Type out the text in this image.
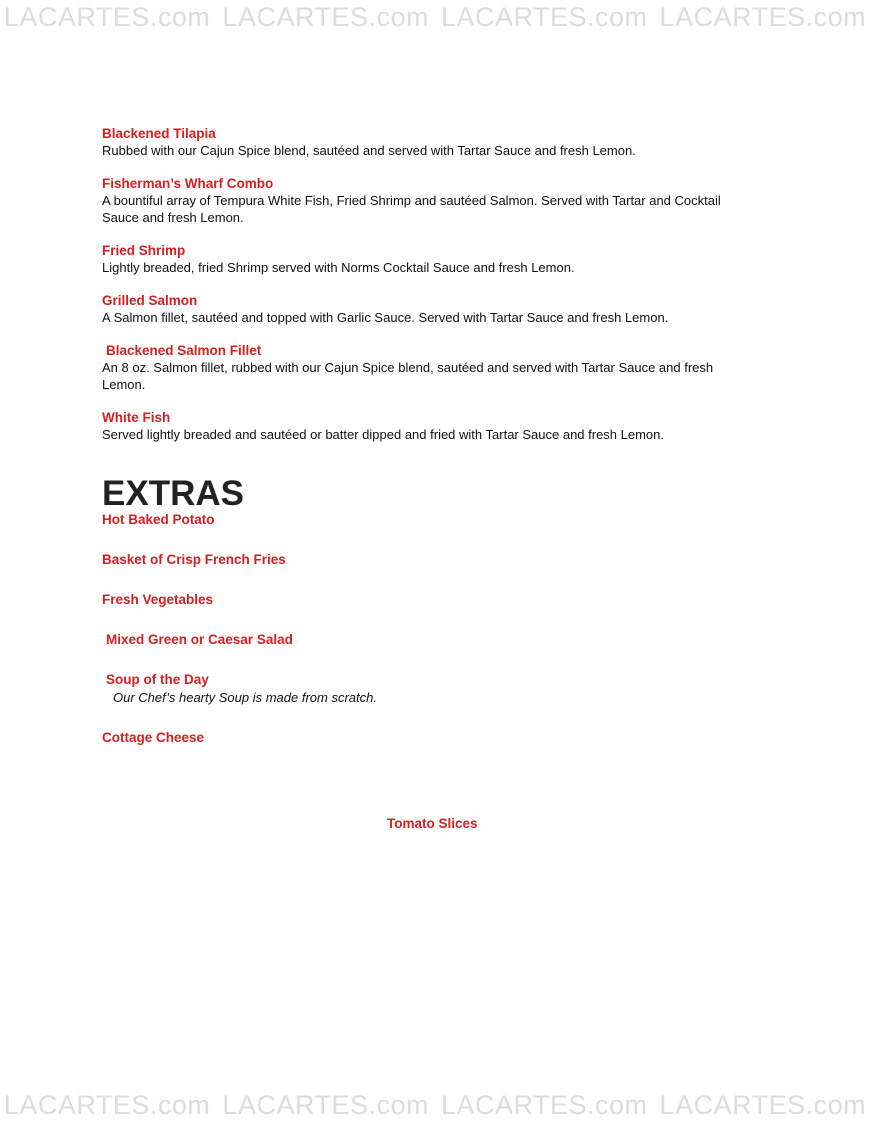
LACARTES.com LACARTES.com LACARTES.com LACARTES.com
Blackened Tilapia
Rubbed with our Cajun Spice blend, sautéed and served with Tartar Sauce and fresh Lemon.
Fisherman’s Wharf Combo
A bountiful array of Tempura White Fish, Fried Shrimp and sautéed Salmon. Served with Tartar and Cocktail Sauce and fresh Lemon.
Fried Shrimp
Lightly breaded, fried Shrimp served with Norms Cocktail Sauce and fresh Lemon.
Grilled Salmon
A Salmon fillet, sautéed and topped with Garlic Sauce. Served with Tartar Sauce and fresh Lemon.
Blackened Salmon Fillet
An 8 oz. Salmon fillet, rubbed with our Cajun Spice blend, sautéed and served with Tartar Sauce and fresh Lemon.
White Fish
Served lightly breaded and sautéed or batter dipped and fried with Tartar Sauce and fresh Lemon.
EXTRAS
Hot Baked Potato
Basket of Crisp French Fries
Fresh Vegetables
Mixed Green or Caesar Salad
Soup of the Day
Our Chef’s hearty Soup is made from scratch.
Cottage Cheese
Tomato Slices
LACARTES.com LACARTES.com LACARTES.com LACARTES.com
